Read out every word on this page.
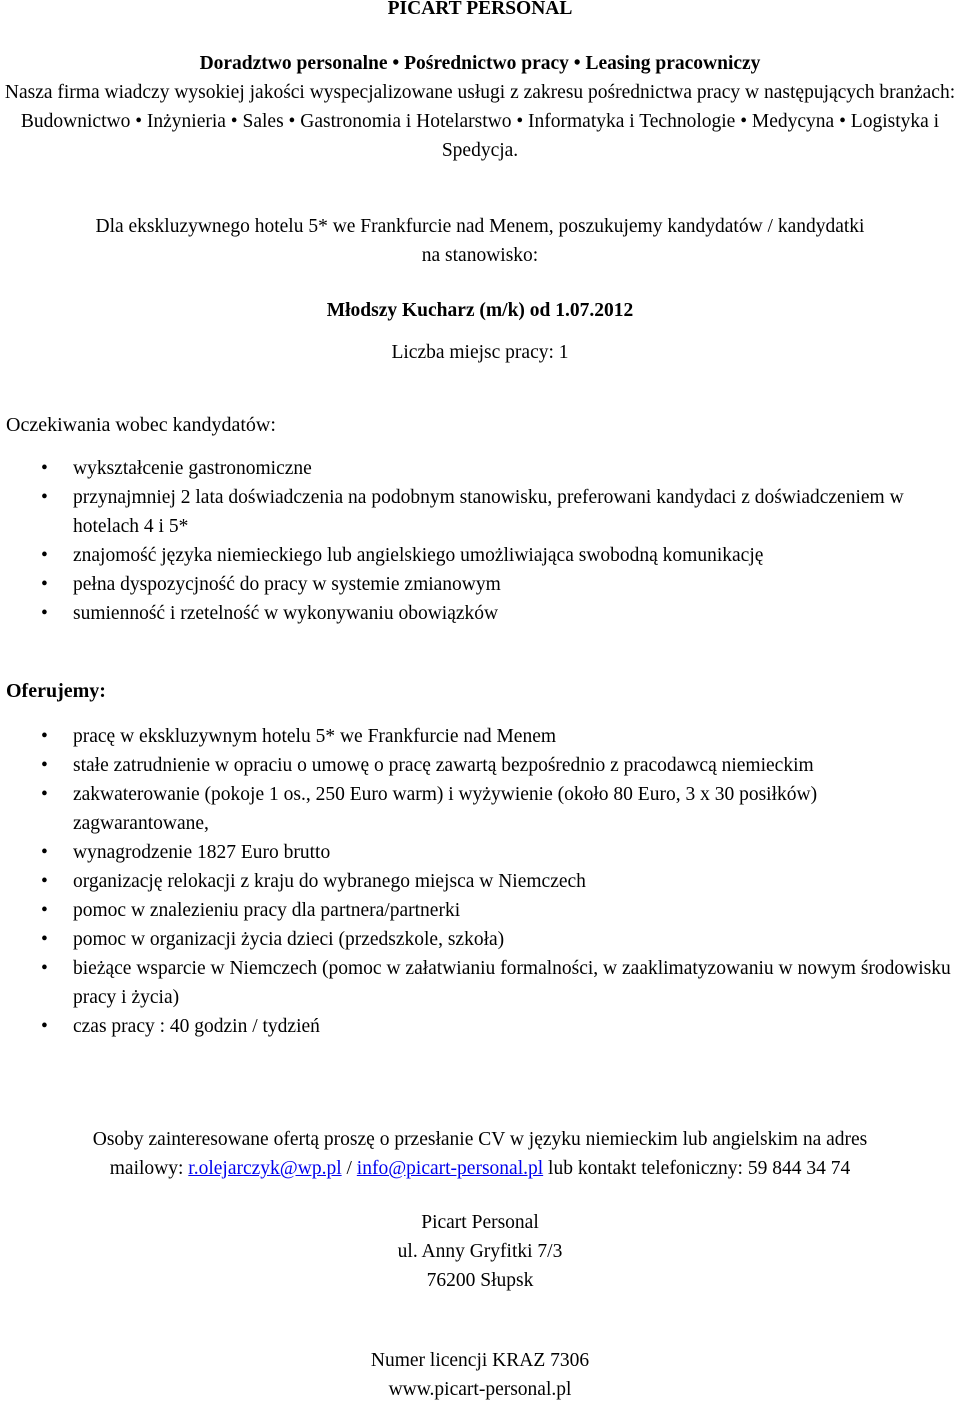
PICART PERSONAL

Doradztwo personalne • Pośrednictwo pracy • Leasing pracowniczy

Nasza firma wiadczy wysokiej jakości wyspecjalizowane usługi z zakresu pośrednictwa pracy w następujących branżach: Budownictwo • Inżynieria • Sales • Gastronomia i Hotelarstwo • Informatyka i Technologie • Medycyna • Logistyka i Spedycja.

Dla ekskluzywnego hotelu 5* we Frankfurcie nad Menem, poszukujemy kandydatów / kandydatki
na stanowisko:

Młodszy Kucharz (m/k) od 1.07.2012

Liczba miejsc pracy: 1

Oczekiwania wobec kandydatów:

• wykształcenie gastronomiczne
• przynajmniej 2 lata doświadczenia na podobnym stanowisku, preferowani kandydaci z doświadczeniem w hotelach 4 i 5*
• znajomość języka niemieckiego lub angielskiego umożliwiająca swobodną komunikację
• pełna dyspozycjność do pracy w systemie zmianowym
• sumienność i rzetelność w wykonywaniu obowiązków

Oferujemy:

• pracę w ekskluzywnym hotelu 5* we Frankfurcie nad Menem
• stałe zatrudnienie w opraciu o umowę o pracę zawartą bezpośrednio z pracodawcą niemieckim
• zakwaterowanie (pokoje 1 os., 250 Euro warm) i wyżywienie (około 80 Euro, 3 x 30 posiłków) zagwarantowane,
• wynagrodzenie 1827 Euro brutto
• organizację relokacji z kraju do wybranego miejsca w Niemczech
• pomoc w znalezieniu pracy dla partnera/partnerki
• pomoc w organizacji życia dzieci (przedszkole, szkoła)
• bieżące wsparcie w Niemczech (pomoc w załatwianiu formalności, w zaaklimatyzowaniu w nowym środowisku pracy i życia)
• czas pracy : 40 godzin / tydzień
Osoby zainteresowane ofertą proszę o przesłanie CV w języku niemieckim lub angielskim na adres
mailowy: r.olejarczyk@wp.pl / info@picart-personal.pl lub kontakt telefoniczny: 59 844 34 74
Picart Personal
ul. Anny Gryfitki 7/3
76200 Słupsk
Numer licencji KRAZ 7306
www.picart-personal.pl
